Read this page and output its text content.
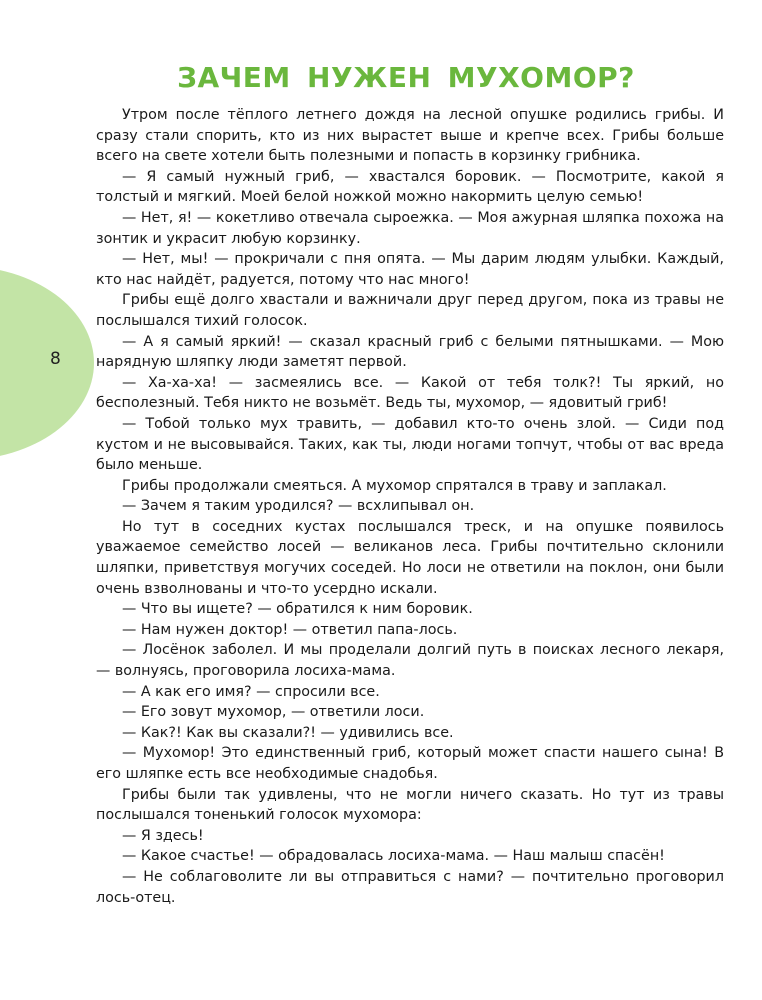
8
ЗАЧЕМ НУЖЕН МУХОМОР?

Утром после тёплого летнего дождя на лесной опушке родились грибы. И сразу стали спорить, кто из них вырастет выше и крепче всех. Грибы больше всего на свете хотели быть полезными и попасть в корзинку грибника.

— Я самый нужный гриб, — хвастался боровик. — Посмотрите, какой я толстый и мягкий. Моей белой ножкой можно накормить целую семью!

— Нет, я! — кокетливо отвечала сыроежка. — Моя ажурная шляпка похожа на зонтик и украсит любую корзинку.

— Нет, мы! — прокричали с пня опята. — Мы дарим людям улыбки. Каждый, кто нас найдёт, радуется, потому что нас много!

Грибы ещё долго хвастали и важничали друг перед другом, пока из травы не послышался тихий голосок.

— А я самый яркий! — сказал красный гриб с белыми пятнышками. — Мою нарядную шляпку люди заметят первой.

— Ха-ха-ха! — засмеялись все. — Какой от тебя толк?! Ты яркий, но бесполезный. Тебя никто не возьмёт. Ведь ты, мухомор, — ядовитый гриб!

— Тобой только мух травить, — добавил кто-то очень злой. — Сиди под кустом и не высовывайся. Таких, как ты, люди ногами топчут, чтобы от вас вреда было меньше.

Грибы продолжали смеяться. А мухомор спрятался в траву и заплакал.

— Зачем я таким уродился? — всхлипывал он.

Но тут в соседних кустах послышался треск, и на опушке появилось уважаемое семейство лосей — великанов леса. Грибы почтительно склонили шляпки, приветствуя могучих соседей. Но лоси не ответили на поклон, они были очень взволнованы и что-то усердно искали.

— Что вы ищете? — обратился к ним боровик.

— Нам нужен доктор! — ответил папа-лось.

— Лосёнок заболел. И мы проделали долгий путь в поисках лесного лекаря, — волнуясь, проговорила лосиха-мама.

— А как его имя? — спросили все.

— Его зовут мухомор, — ответили лоси.

— Как?! Как вы сказали?! — удивились все.

— Мухомор! Это единственный гриб, который может спасти нашего сына! В его шляпке есть все необходимые снадобья.

Грибы были так удивлены, что не могли ничего сказать. Но тут из травы послышался тоненький голосок мухомора:

— Я здесь!

— Какое счастье! — обрадовалась лосиха-мама. — Наш малыш спасён!

— Не соблаговолите ли вы отправиться с нами? — почтительно проговорил лось-отец.
